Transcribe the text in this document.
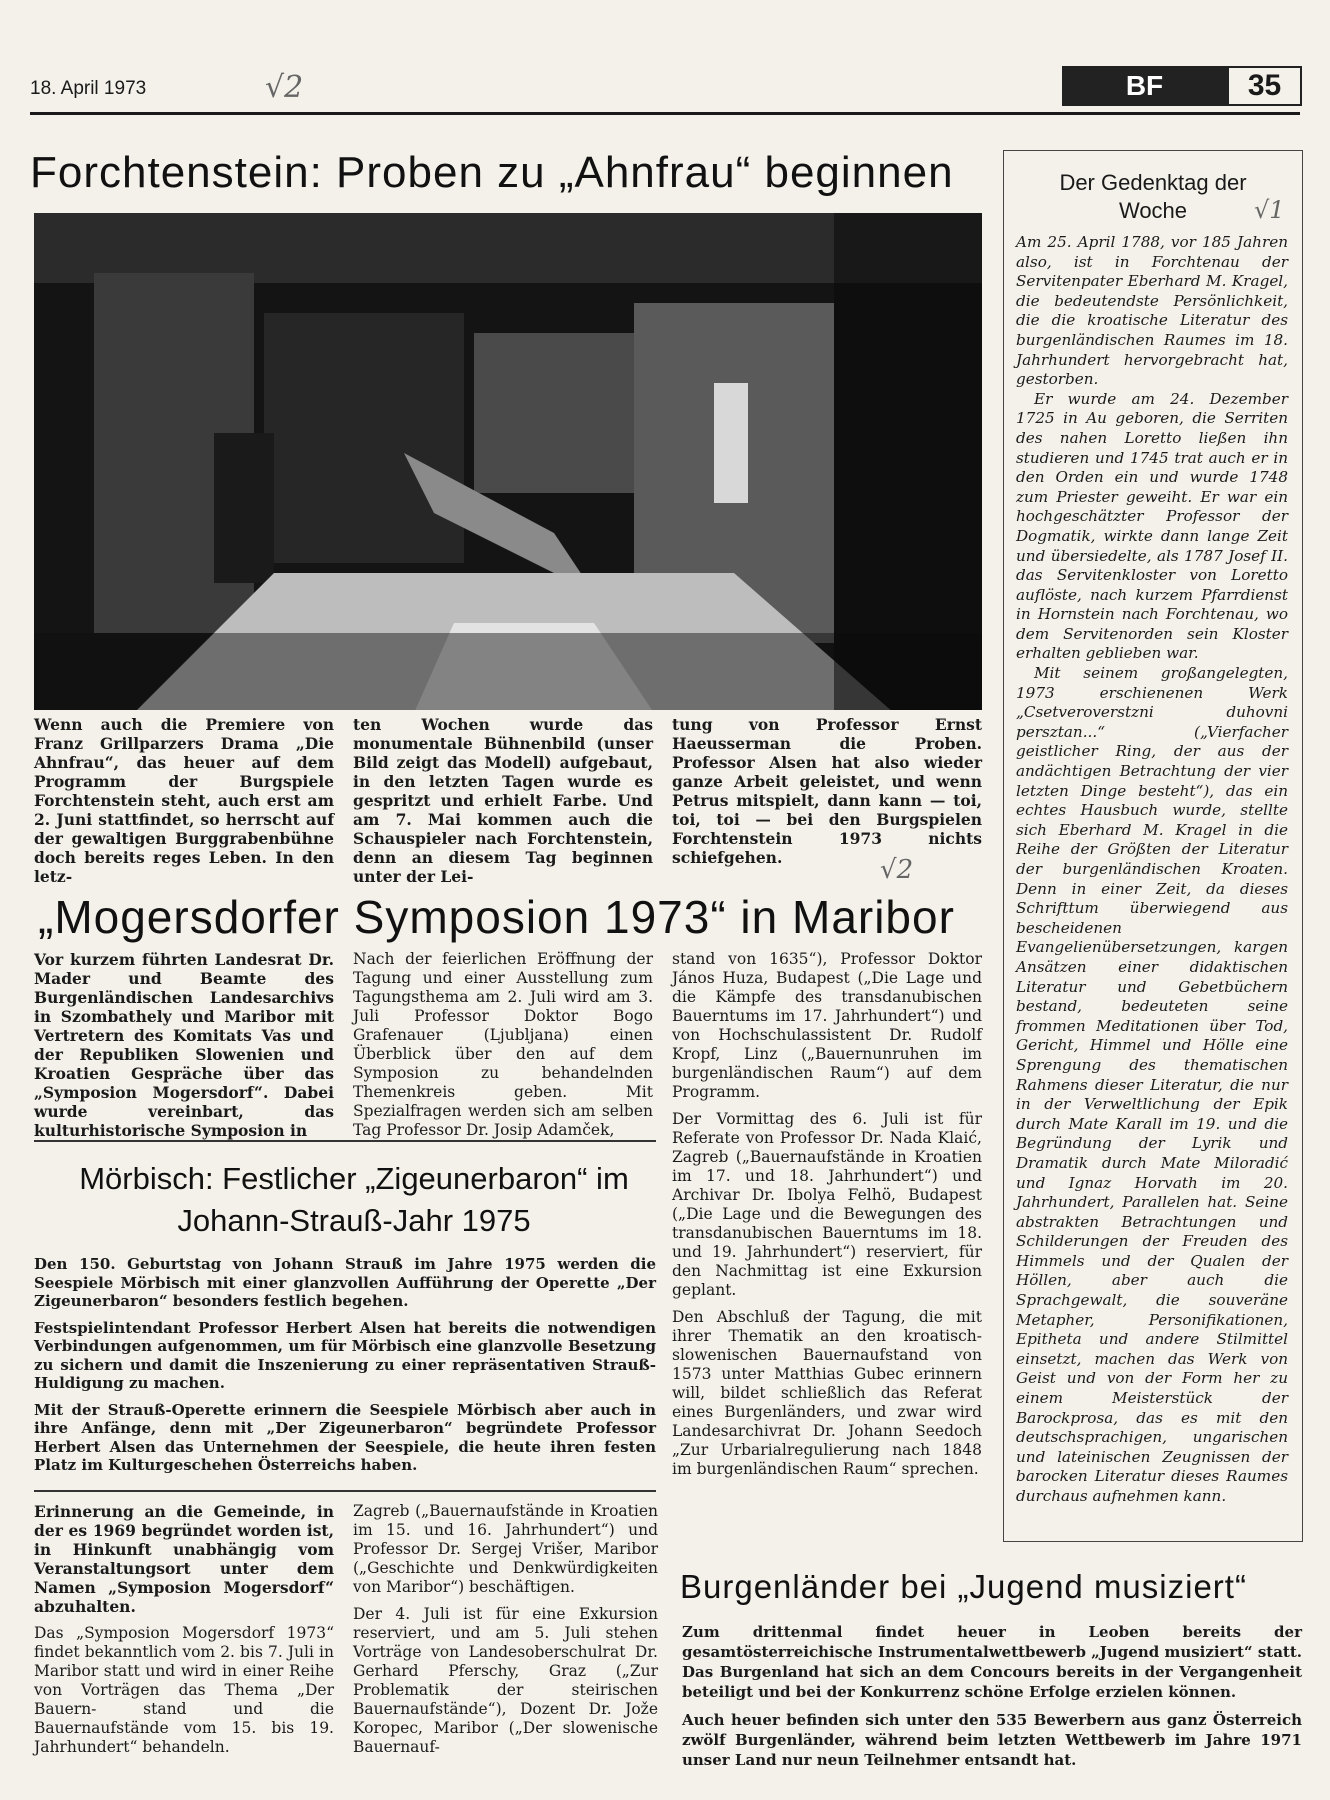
18. April 1973	√2	BF	35
Forchtenstein: Proben zu „Ahnfrau“ beginnen
Wenn auch die Premiere von Franz Grillparzers Drama „Die Ahnfrau“, das heuer auf dem Programm der Burgspiele Forchtenstein steht, auch erst am 2. Juni stattfindet, so herrscht auf der gewaltigen Burggrabenbühne doch bereits reges Leben. In den letz-
ten Wochen wurde das monumentale Bühnenbild (unser Bild zeigt das Modell) aufgebaut, in den letzten Tagen wurde es gespritzt und erhielt Farbe. Und am 7. Mai kommen auch die Schauspieler nach Forchtenstein, denn an diesem Tag beginnen unter der Lei-
tung von Professor Ernst Haeusserman die Proben. Professor Alsen hat also wieder ganze Arbeit geleistet, und wenn Petrus mitspielt, dann kann — toi, toi, toi — bei den Burgspielen Forchtenstein 1973 nichts schiefgehen.	√2
„Mogersdorfer Symposion 1973“ in Maribor
Vor kurzem führten Landesrat Dr. Mader und Beamte des Burgenländischen Landesarchivs in Szombathely und Maribor mit Vertretern des Komitats Vas und der Republiken Slowenien und Kroatien Gespräche über das „Symposion Mogersdorf“. Dabei wurde vereinbart, das kulturhistorische Symposion in
Nach der feierlichen Eröffnung der Tagung und einer Ausstellung zum Tagungsthema am 2. Juli wird am 3. Juli Professor Doktor Bogo Grafenauer (Ljubljana) einen Überblick über den auf dem Symposion zu behandelnden Themenkreis geben. Mit Spezialfragen werden sich am selben Tag Professor Dr. Josip Adamček,

stand von 1635“), Professor Doktor János Huza, Budapest („Die Lage und die Kämpfe des transdanubischen Bauerntums im 17. Jahrhundert“) und von Hochschulassistent Dr. Rudolf Kropf, Linz („Bauernunruhen im burgenländischen Raum“) auf dem Programm.

Der Vormittag des 6. Juli ist für Referate von Professor Dr. Nada Klaić, Zagreb („Bauernaufstände in Kroatien im 17. und 18. Jahrhundert“) und Archivar Dr. Ibolya Felhö, Budapest („Die Lage und die Bewegungen des transdanubischen Bauerntums im 18. und 19. Jahrhundert“) reserviert, für den Nachmittag ist eine Exkursion geplant.

Den Abschluß der Tagung, die mit ihrer Thematik an den kroatisch-slowenischen Bauernaufstand von 1573 unter Matthias Gubec erinnern will, bildet schließlich das Referat eines Burgenländers, und zwar wird Landesarchivrat Dr. Johann Seedoch „Zur Urbarialregulierung nach 1848 im burgenländischen Raum“ sprechen.

Mörbisch: Festlicher „Zigeunerbaron“ im Johann-Strauß-Jahr 1975

Den 150. Geburtstag von Johann Strauß im Jahre 1975 werden die Seespiele Mörbisch mit einer glanzvollen Aufführung der Operette „Der Zigeunerbaron“ besonders festlich begehen.

Festspielintendant Professor Herbert Alsen hat bereits die notwendigen Verbindungen aufgenommen, um für Mörbisch eine glanzvolle Besetzung zu sichern und damit die Inszenierung zu einer repräsentativen Strauß-Huldigung zu machen.

Mit der Strauß-Operette erinnern die Seespiele Mörbisch aber auch in ihre Anfänge, denn mit „Der Zigeunerbaron“ begründete Professor Herbert Alsen das Unternehmen der Seespiele, die heute ihren festen Platz im Kulturgeschehen Österreichs haben.

Erinnerung an die Gemeinde, in der es 1969 begründet worden ist, in Hinkunft unabhängig vom Veranstaltungsort unter dem Namen „Symposion Mogersdorf“ abzuhalten.

Das „Symposion Mogersdorf 1973“ findet bekanntlich vom 2. bis 7. Juli in Maribor statt und wird in einer Reihe von Vorträgen das Thema „Der Bauern- stand und die Bauernaufstände vom 15. bis 19. Jahrhundert“ behandeln.

Zagreb („Bauernaufstände in Kroatien im 15. und 16. Jahrhundert“) und Professor Dr. Sergej Vrišer, Maribor („Geschichte und Denkwürdigkeiten von Maribor“) beschäftigen.

Der 4. Juli ist für eine Exkursion reserviert, und am 5. Juli stehen Vorträge von Landesoberschulrat Dr. Gerhard Pferschy, Graz („Zur Problematik der steirischen Bauernaufstände“), Dozent Dr. Jože Koropec, Maribor („Der slowenische Bauernauf-

Burgenländer bei „Jugend musiziert“

Zum drittenmal findet heuer in Leoben bereits der gesamtösterreichische Instrumentalwettbewerb „Jugend musiziert“ statt. Das Burgenland hat sich an dem Concours bereits in der Vergangenheit beteiligt und bei der Konkurrenz schöne Erfolge erzielen können.

Auch heuer befinden sich unter den 535 Bewerbern aus ganz Österreich zwölf Burgenländer, während beim letzten Wettbewerb im Jahre 1971 unser Land nur neun Teilnehmer entsandt hat.

Der Gedenktag der
Woche	√1

Am 25. April 1788, vor 185 Jahren also, ist in Forchtenau der Servitenpater Eberhard M. Kragel, die bedeutendste Persönlichkeit, die die kroatische Literatur des burgenländischen Raumes im 18. Jahrhundert hervorgebracht hat, gestorben.

Er wurde am 24. Dezember 1725 in Au geboren, die Serriten des nahen Loretto ließen ihn studieren und 1745 trat auch er in den Orden ein und wurde 1748 zum Priester geweiht. Er war ein hochgeschätzter Professor der Dogmatik, wirkte dann lange Zeit und übersiedelte, als 1787 Josef II. das Servitenkloster von Loretto auflöste, nach kurzem Pfarrdienst in Hornstein nach Forchtenau, wo dem Servitenorden sein Kloster erhalten geblieben war.

Mit seinem großangelegten, 1973 erschienenen Werk „Csetveroverstzni duhovni persztan...“ („Vierfacher geistlicher Ring, der aus der andächtigen Betrachtung der vier letzten Dinge besteht“), das ein echtes Hausbuch wurde, stellte sich Eberhard M. Kragel in die Reihe der Größten der Literatur der burgenländischen Kroaten. Denn in einer Zeit, da dieses Schrifttum überwiegend aus bescheidenen Evangelienübersetzungen, kargen Ansätzen einer didaktischen Literatur und Gebetbüchern bestand, bedeuteten seine frommen Meditationen über Tod, Gericht, Himmel und Hölle eine Sprengung des thematischen Rahmens dieser Literatur, die nur in der Verweltlichung der Epik durch Mate Karall im 19. und die Begründung der Lyrik und Dramatik durch Mate Miloradić und Ignaz Horvath im 20. Jahrhundert, Parallelen hat. Seine abstrakten Betrachtungen und Schilderungen der Freuden des Himmels und der Qualen der Höllen, aber auch die Sprachgewalt, die souveräne Metapher, Personifikationen, Epitheta und andere Stilmittel einsetzt, machen das Werk von Geist und von der Form her zu einem Meisterstück der Barockprosa, das es mit den deutschsprachigen, ungarischen und lateinischen Zeugnissen der barocken Literatur dieses Raumes durchaus aufnehmen kann.
